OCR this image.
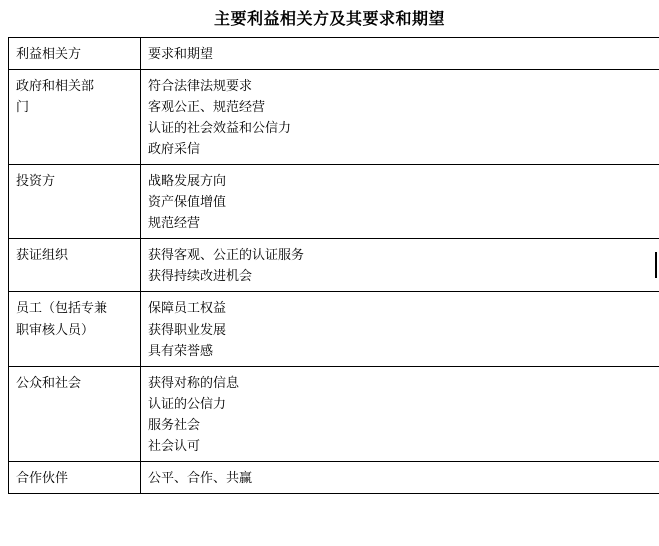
主要利益相关方及其要求和期望
利益相关方	要求和期望

政府和相关部
门	符合法律法规要求
客观公正、规范经营
认证的社会效益和公信力
政府采信

投资方	战略发展方向
资产保值增值
规范经营

获证组织	获得客观、公正的认证服务
获得持续改进机会

员工（包括专兼
职审核人员）	保障员工权益
获得职业发展
具有荣誉感

公众和社会	获得对称的信息
认证的公信力
服务社会
社会认可

合作伙伴	公平、合作、共赢
